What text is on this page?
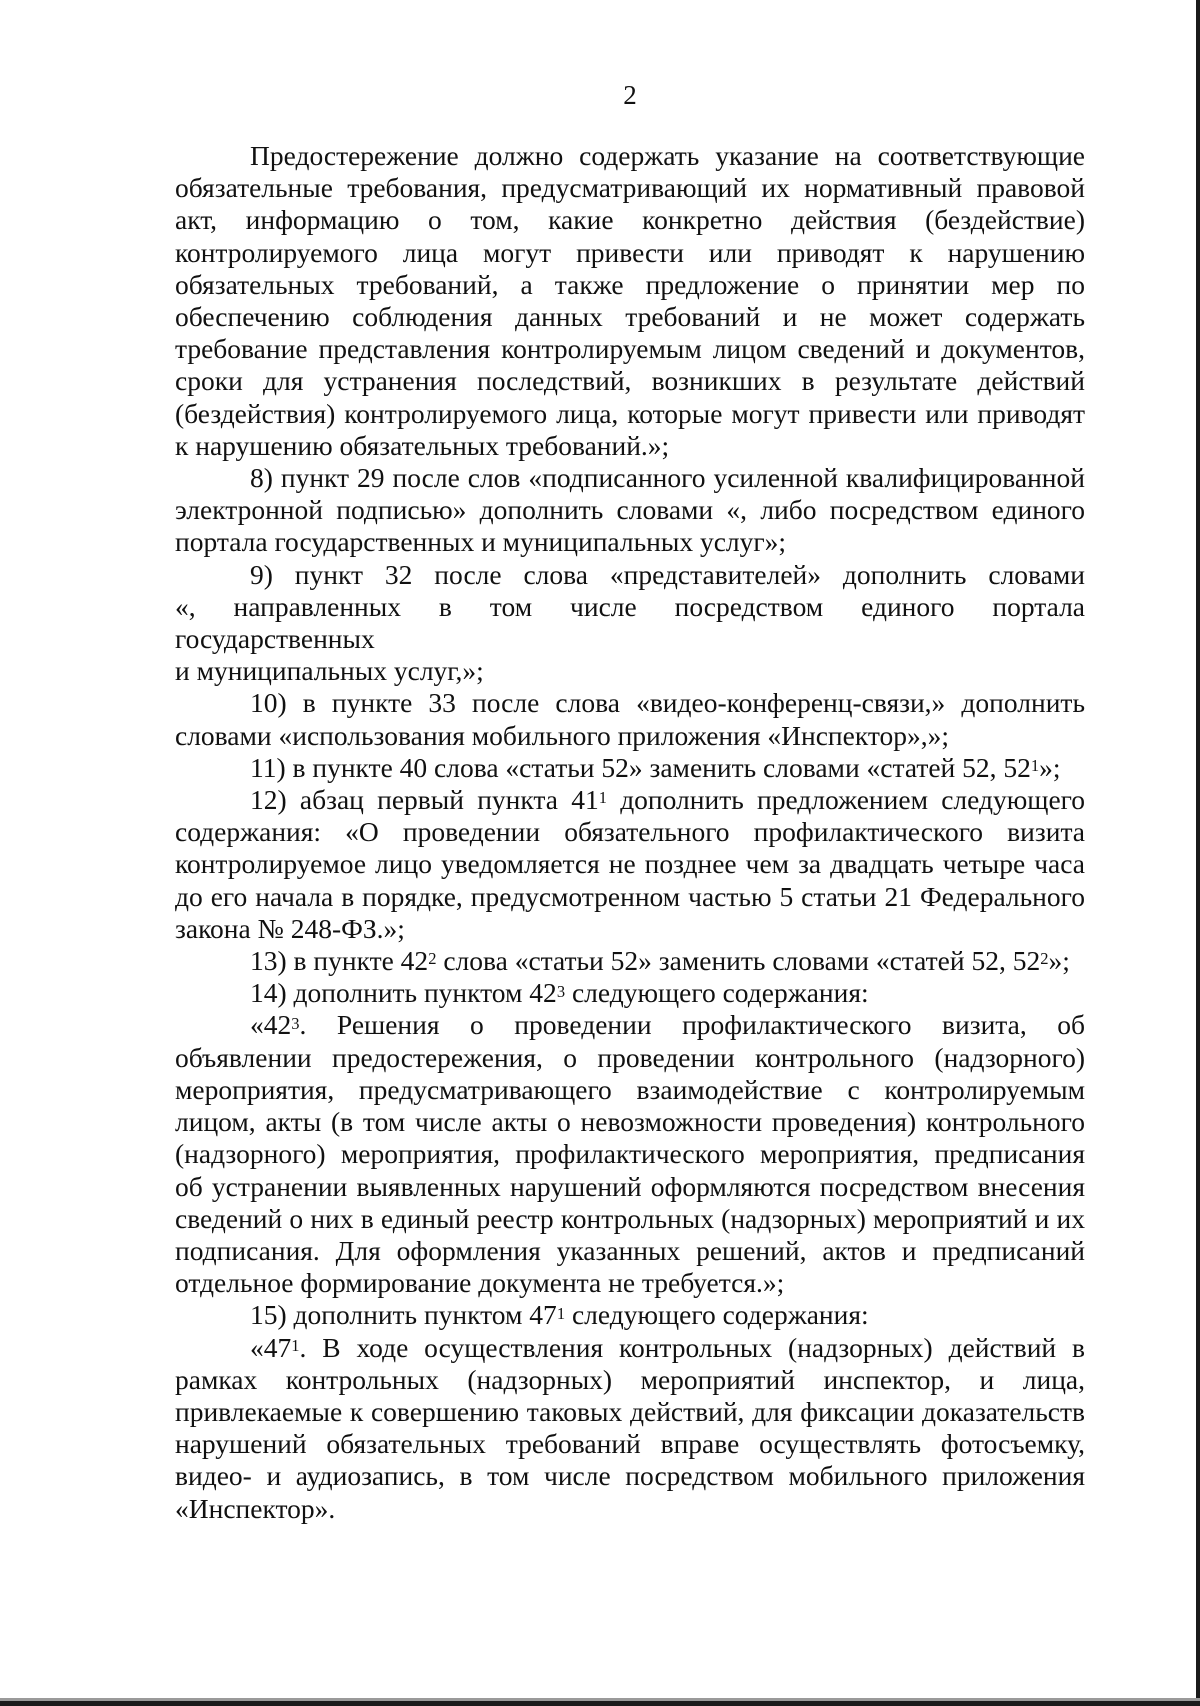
2

Предостережение должно содержать указание на соответствующие обязательные требования, предусматривающий их нормативный правовой акт, информацию о том, какие конкретно действия (бездействие) контролируемого лица могут привести или приводят к нарушению обязательных требований, а также предложение о принятии мер по обеспечению соблюдения данных требований и не может содержать требование представления контролируемым лицом сведений и документов, сроки для устранения последствий, возникших в результате действий (бездействия) контролируемого лица, которые могут привести или приводят к нарушению обязательных требований.»;

8) пункт 29 после слов «подписанного усиленной квалифицированной электронной подписью» дополнить словами «, либо посредством единого портала государственных и муниципальных услуг»;

9) пункт 32 после слова «представителей» дополнить словами

«, направленных в том числе посредством единого портала

государственных

и муниципальных услуг,»;

10) в пункте 33 после слова «видео-конференц-связи,» дополнить словами «использования мобильного приложения «Инспектор»,»;

11) в пункте 40 слова «статьи 52» заменить словами «статей 52, $52^1$»;

12) абзац первый пункта $41^1$ дополнить предложением следующего содержания: «О проведении обязательного профилактического визита контролируемое лицо уведомляется не позднее чем за двадцать четыре часа до его начала в порядке, предусмотренном частью 5 статьи 21 Федерального закона № 248-ФЗ.»;

13) в пункте $42^2$ слова «статьи 52» заменить словами «статей 52, $52^2$»;

14) дополнить пунктом $42^3$ следующего содержания:

«$42^3$. Решения о проведении профилактического визита, об объявлении предостережения, о проведении контрольного (надзорного) мероприятия, предусматривающего взаимодействие с контролируемым лицом, акты (в том числе акты о невозможности проведения) контрольного (надзорного) мероприятия, профилактического мероприятия, предписания об устранении выявленных нарушений оформляются посредством внесения сведений о них в единый реестр контрольных (надзорных) мероприятий и их подписания. Для оформления указанных решений, актов и предписаний отдельное формирование документа не требуется.»;

15) дополнить пунктом $47^1$ следующего содержания:

«$47^1$. В ходе осуществления контрольных (надзорных) действий в рамках контрольных (надзорных) мероприятий инспектор, и лица, привлекаемые к совершению таковых действий, для фиксации доказательств нарушений обязательных требований вправе осуществлять фотосъемку, видео- и аудиозапись, в том числе посредством мобильного приложения «Инспектор».
